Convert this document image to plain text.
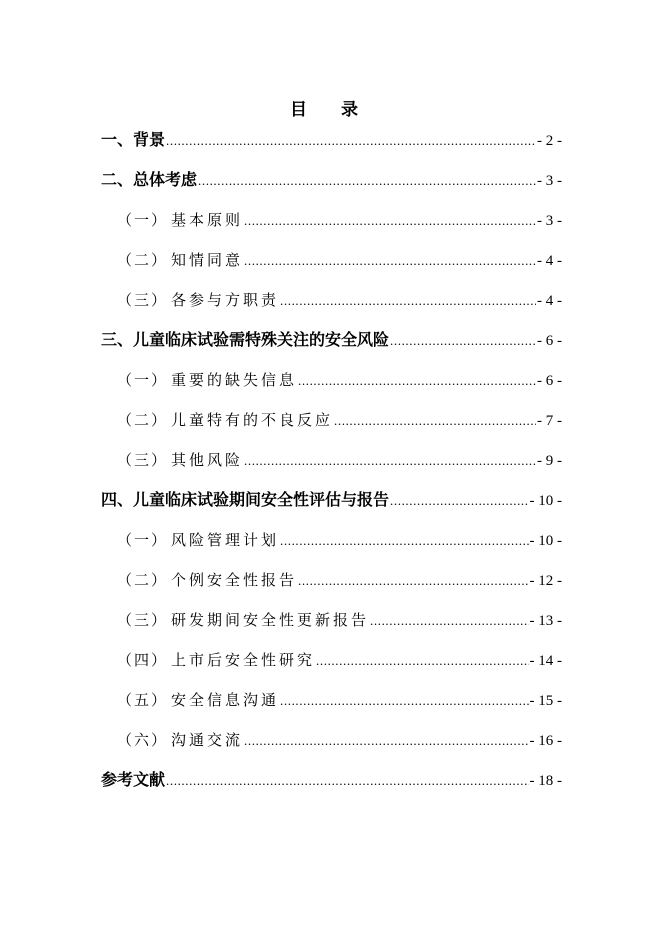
目 录
一、 背景 .....	- 2 -
二、 总体考虑 .....	- 3 -
（一） 基本原则 .....	- 3 -
（二） 知情同意 .....	- 4 -
（三） 各参与方职责 .....	- 4 -
三、 儿童临床试验需特殊关注的安全风险 .....	- 6 -
（一） 重要的缺失信息 .....	- 6 -
（二） 儿童特有的不良反应 .....	- 7 -
（三） 其他风险 .....	- 9 -
四、 儿童临床试验期间安全性评估与报告 .....	- 10 -
（一） 风险管理计划 .....	- 10 -
（二） 个例安全性报告 .....	- 12 -
（三） 研发期间安全性更新报告 .....	- 13 -
（四） 上市后安全性研究 .....	- 14 -
（五） 安全信息沟通 .....	- 15 -
（六） 沟通交流 .....	- 16 -
参考文献 .....	- 18 -
